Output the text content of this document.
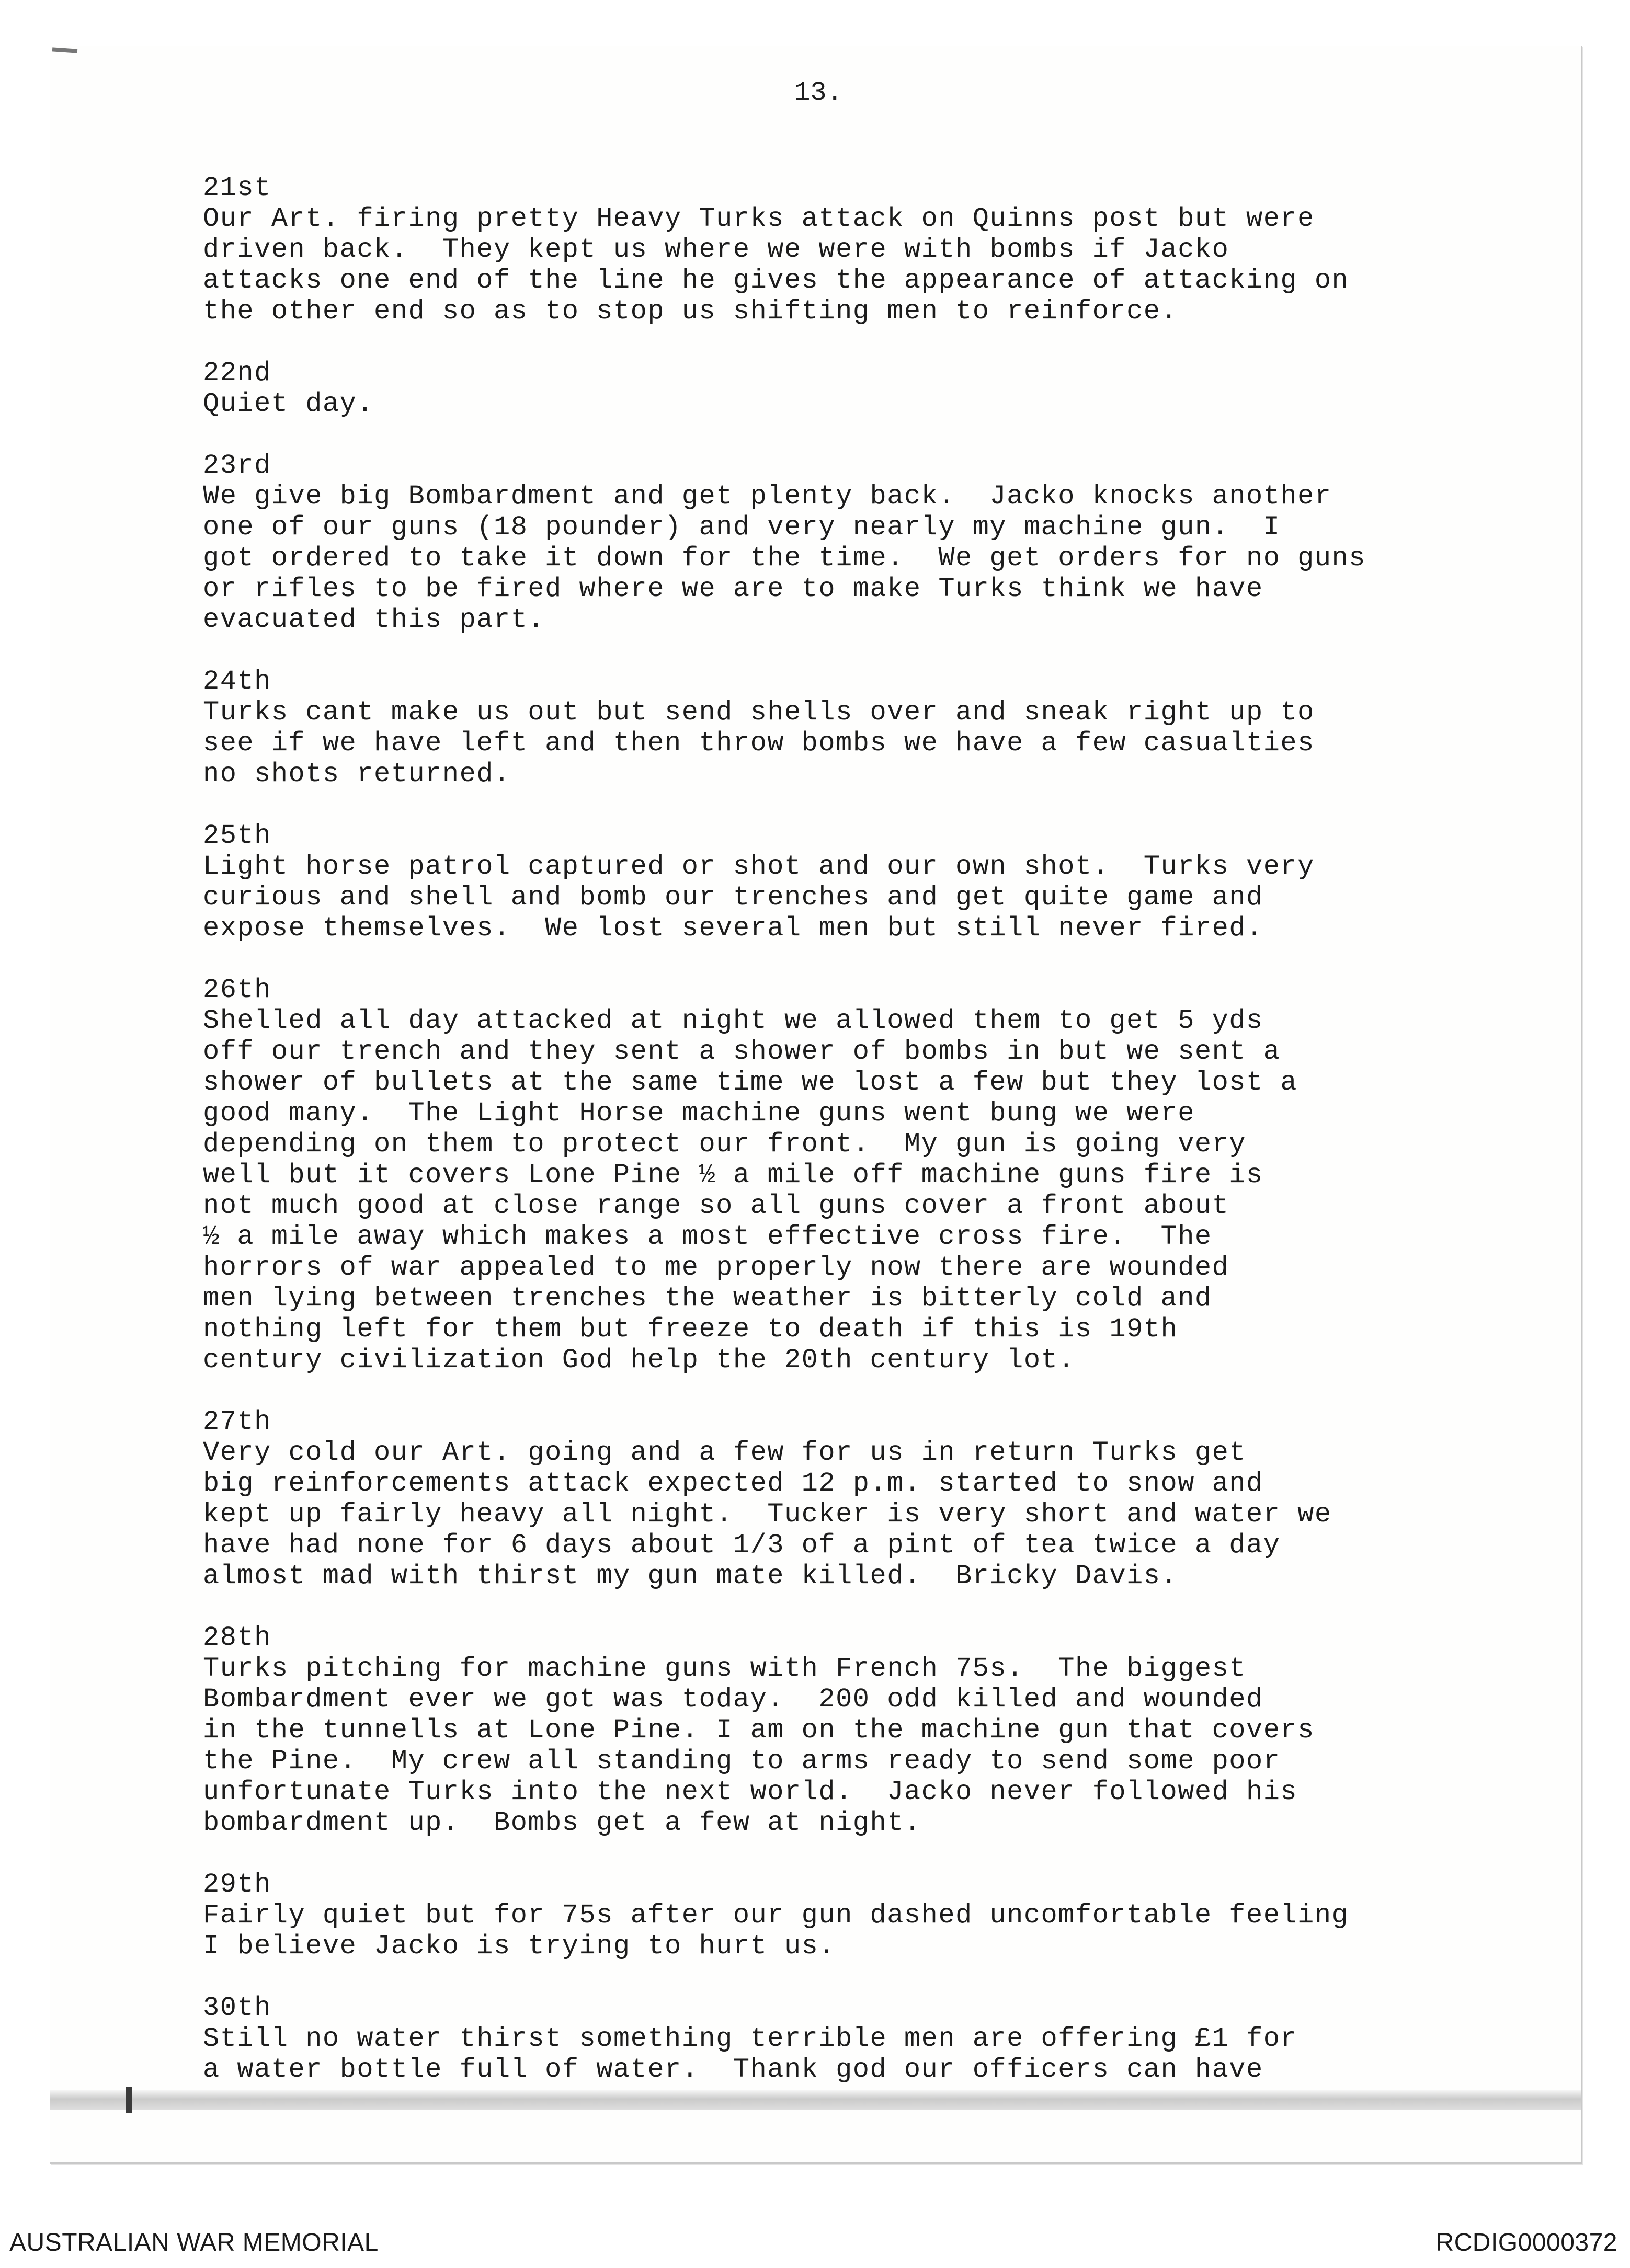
13.
21st
Our Art. firing pretty Heavy Turks attack on Quinns post but were
driven back.  They kept us where we were with bombs if Jacko
attacks one end of the line he gives the appearance of attacking on
the other end so as to stop us shifting men to reinforce.
22nd
Quiet day.
23rd
We give big Bombardment and get plenty back.  Jacko knocks another
one of our guns (18 pounder) and very nearly my machine gun.  I
got ordered to take it down for the time.  We get orders for no guns
or rifles to be fired where we are to make Turks think we have
evacuated this part.
24th
Turks cant make us out but send shells over and sneak right up to
see if we have left and then throw bombs we have a few casualties
no shots returned.
25th
Light horse patrol captured or shot and our own shot.  Turks very
curious and shell and bomb our trenches and get quite game and
expose themselves.  We lost several men but still never fired.
26th
Shelled all day attacked at night we allowed them to get 5 yds
off our trench and they sent a shower of bombs in but we sent a
shower of bullets at the same time we lost a few but they lost a
good many.  The Light Horse machine guns went bung we were
depending on them to protect our front.  My gun is going very
well but it covers Lone Pine ½ a mile off machine guns fire is
not much good at close range so all guns cover a front about
½ a mile away which makes a most effective cross fire.  The
horrors of war appealed to me properly now there are wounded
men lying between trenches the weather is bitterly cold and
nothing left for them but freeze to death if this is 19th
century civilization God help the 20th century lot.
27th
Very cold our Art. going and a few for us in return Turks get
big reinforcements attack expected 12 p.m. started to snow and
kept up fairly heavy all night.  Tucker is very short and water we
have had none for 6 days about 1/3 of a pint of tea twice a day
almost mad with thirst my gun mate killed.  Bricky Davis.
28th
Turks pitching for machine guns with French 75s.  The biggest
Bombardment ever we got was today.  200 odd killed and wounded
in the tunnells at Lone Pine. I am on the machine gun that covers
the Pine.  My crew all standing to arms ready to send some poor
unfortunate Turks into the next world.  Jacko never followed his
bombardment up.  Bombs get a few at night.
29th
Fairly quiet but for 75s after our gun dashed uncomfortable feeling
I believe Jacko is trying to hurt us.
30th
Still no water thirst something terrible men are offering £1 for
a water bottle full of water.  Thank god our officers can have
AUSTRALIAN WAR MEMORIAL	RCDIG0000372
